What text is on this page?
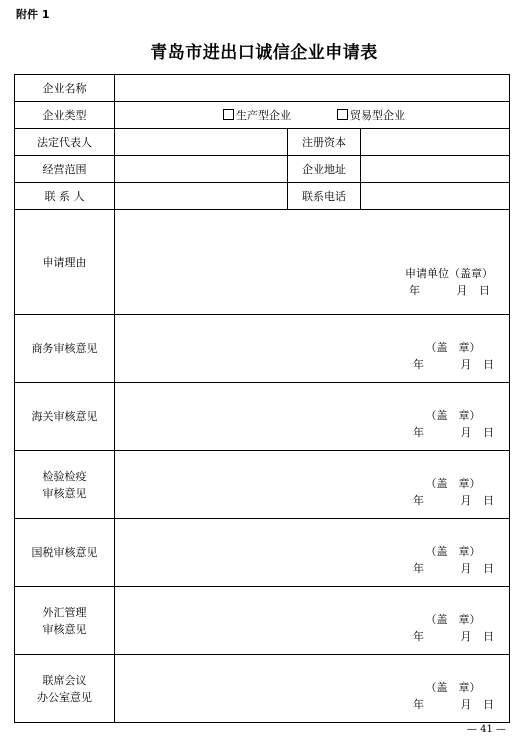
附件 1
青岛市进出口诚信企业申请表
企业名称			
企业类型	生产型企业 贸易型企业		
法定代表人		注册资本	
经营范围		企业地址	
联 系 人		联系电话	
申请理由	申请单位（盖章）
年 月 日		

商务审核意见	（盖　章）
年 月 日		

海关审核意见	（盖　章）
年 月 日		

检验检疫
审核意见	（盖　章）
年 月 日		

国税审核意见	（盖　章）
年 月 日		

外汇管理
审核意见	（盖　章）
年 月 日		

联席会议
办公室意见	（盖　章）
年 月 日		
— 41 —
